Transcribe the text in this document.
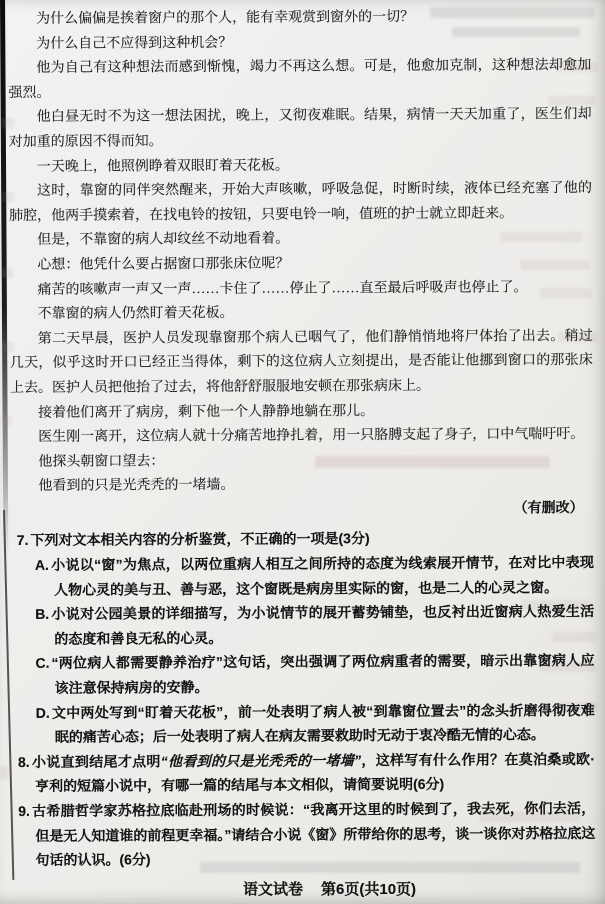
为什么偏偏是挨着窗户的那个人，能有幸观赏到窗外的一切？

为什么自己不应得到这种机会？

他为自己有这种想法而感到惭愧，竭力不再这么想。可是，他愈加克制，这种想法却愈加强烈。

他白昼无时不为这一想法困扰，晚上，又彻夜难眠。结果，病情一天天加重了，医生们却对加重的原因不得而知。

一天晚上，他照例睁着双眼盯着天花板。

这时，靠窗的同伴突然醒来，开始大声咳嗽，呼吸急促，时断时续，液体已经充塞了他的肺腔，他两手摸索着，在找电铃的按钮，只要电铃一响，值班的护士就立即赶来。

但是，不靠窗的病人却纹丝不动地看着。

心想：他凭什么要占据窗口那张床位呢？

痛苦的咳嗽声一声又一声……卡住了……停止了……直至最后呼吸声也停止了。

不靠窗的病人仍然盯着天花板。

第二天早晨，医护人员发现靠窗那个病人已咽气了，他们静悄悄地将尸体抬了出去。稍过几天，似乎这时开口已经正当得体，剩下的这位病人立刻提出，是否能让他挪到窗口的那张床上去。医护人员把他抬了过去，将他舒舒服服地安顿在那张病床上。

接着他们离开了病房，剩下他一个人静静地躺在那儿。

医生刚一离开，这位病人就十分痛苦地挣扎着，用一只胳膊支起了身子，口中气喘吁吁。

他探头朝窗口望去：

他看到的只是光秃秃的一堵墙。

（有删改）

7. 下列对文本相关内容的分析鉴赏，不正确的一项是(3分)
A. 小说以“窗”为焦点，以两位重病人相互之间所持的态度为线索展开情节，在对比中表现人物心灵的美与丑、善与恶，这个窗既是病房里实际的窗，也是二人的心灵之窗。
B. 小说对公园美景的详细描写，为小说情节的展开蓄势铺垫，也反衬出近窗病人热爱生活的态度和善良无私的心灵。
C. “两位病人都需要静养治疗”这句话，突出强调了两位病重者的需要，暗示出靠窗病人应该注意保持病房的安静。
D. 文中两处写到“盯着天花板”，前一处表明了病人被“到靠窗位置去”的念头折磨得彻夜难眠的痛苦心态；后一处表明了病人在病友需要救助时无动于衷冷酷无情的心态。
8. 小说直到结尾才点明“他看到的只是光秃秃的一堵墙”，这样写有什么作用？在莫泊桑或欧·亨利的短篇小说中，有哪一篇的结尾与本文相似，请简要说明(6分)
9. 古希腊哲学家苏格拉底临赴刑场的时候说：“我离开这里的时候到了，我去死，你们去活，但是无人知道谁的前程更幸福。”请结合小说《窗》所带给你的思考，谈一谈你对苏格拉底这句话的认识。(6分)
语文试卷 第6页(共10页)
